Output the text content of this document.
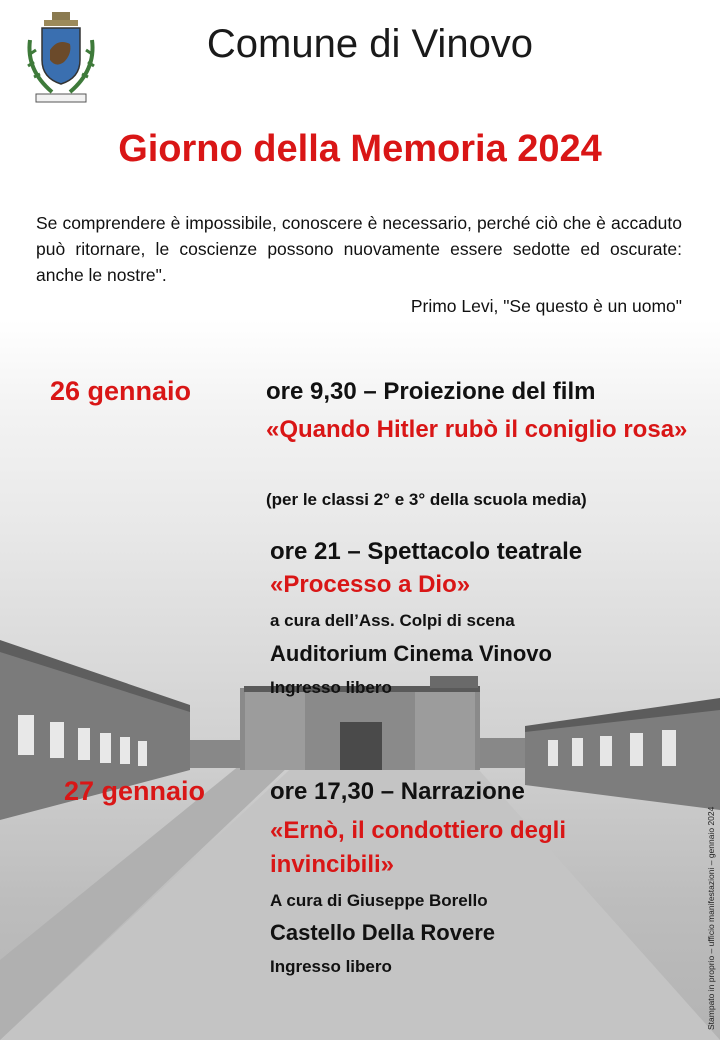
Comune di Vinovo
Giorno della Memoria 2024
Se comprendere è impossibile, conoscere è necessario, perché ciò che è accaduto può ritornare, le coscienze possono nuovamente essere sedotte ed oscurate: anche le nostre".
Primo Levi, "Se questo è un uomo"
26 gennaio	ore 9,30 – Proiezione del film
«Quando Hitler rubò il coniglio rosa»
(per le classi 2° e 3° della scuola media)
ore 21 – Spettacolo teatrale
«Processo a Dio»
a cura dell’Ass. Colpi di scena
Auditorium Cinema Vinovo
Ingresso libero
27 gennaio	ore 17,30 – Narrazione
«Ernò, il condottiero degli invincibili»
A cura di Giuseppe Borello
Castello Della Rovere
Ingresso libero	Stampato in proprio – ufficio manifestazioni – gennaio 2024
